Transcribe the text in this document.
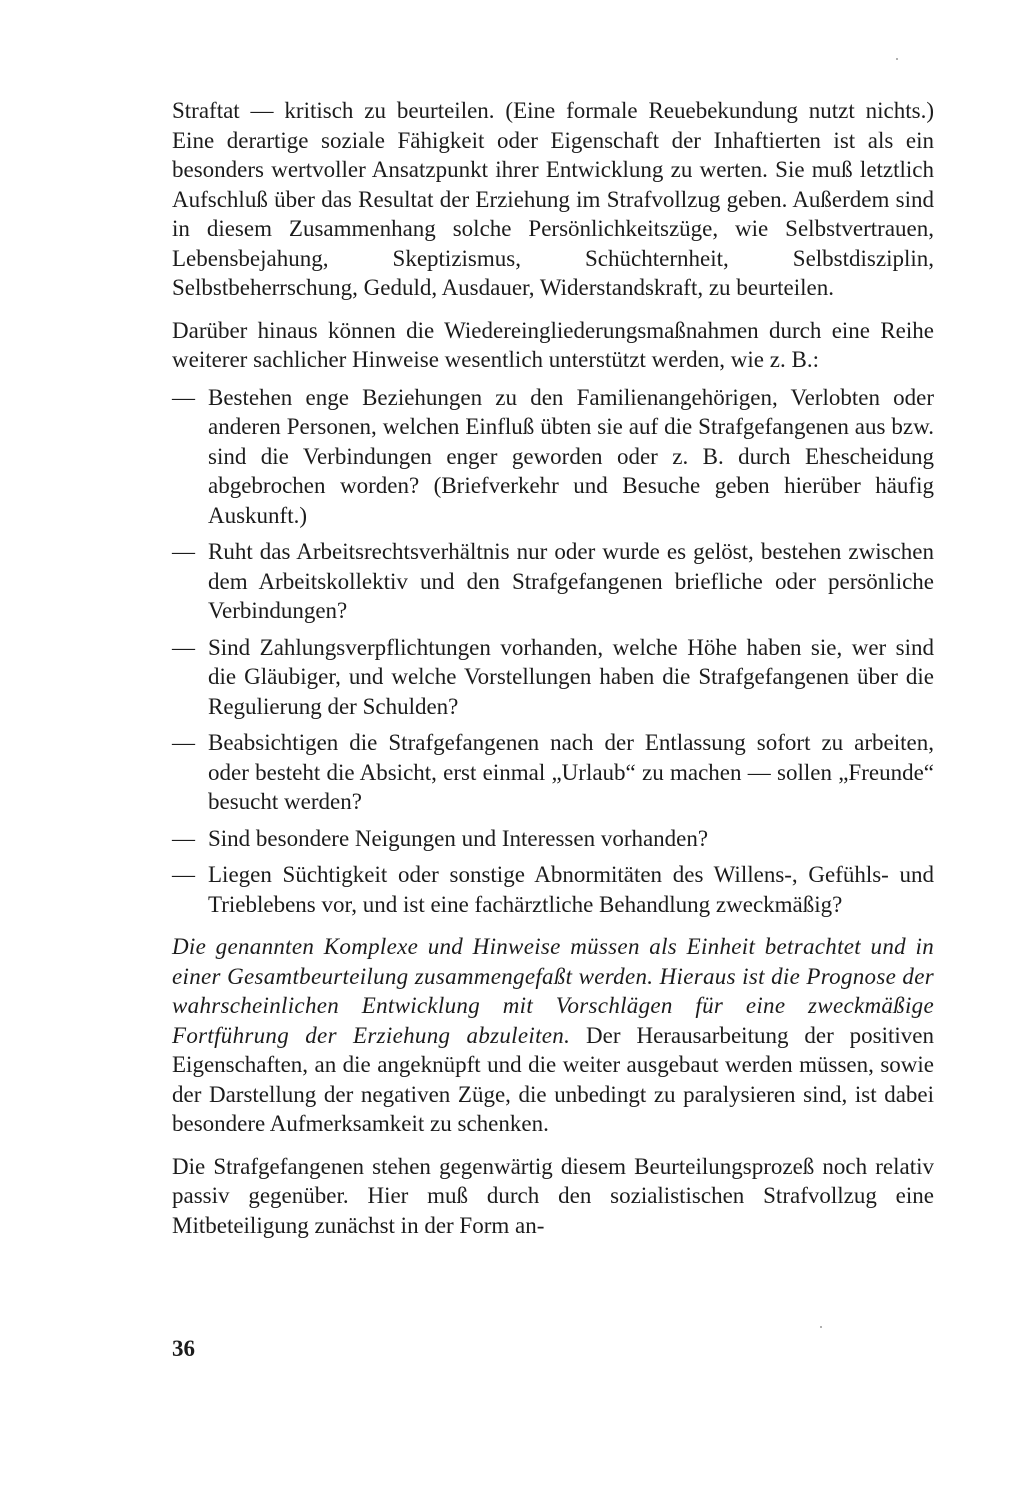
Straftat — kritisch zu beurteilen. (Eine formale Reuebekundung nutzt nichts.) Eine derartige soziale Fähigkeit oder Eigenschaft der Inhaftierten ist als ein besonders wertvoller Ansatzpunkt ihrer Entwicklung zu werten. Sie muß letztlich Aufschluß über das Resultat der Erziehung im Strafvollzug geben. Außerdem sind in diesem Zusammenhang solche Persönlichkeitszüge, wie Selbstvertrauen, Lebensbejahung, Skeptizismus, Schüchternheit, Selbstdisziplin, Selbstbeherrschung, Geduld, Ausdauer, Widerstandskraft, zu beurteilen.

Darüber hinaus können die Wiedereingliederungsmaßnahmen durch eine Reihe weiterer sachlicher Hinweise wesentlich unterstützt werden, wie z. B.:

— Bestehen enge Beziehungen zu den Familienangehörigen, Verlobten oder anderen Personen, welchen Einfluß übten sie auf die Strafgefangenen aus bzw. sind die Verbindungen enger geworden oder z. B. durch Ehescheidung abgebrochen worden? (Briefverkehr und Besuche geben hierüber häufig Auskunft.)
— Ruht das Arbeitsrechtsverhältnis nur oder wurde es gelöst, bestehen zwischen dem Arbeitskollektiv und den Strafgefangenen briefliche oder persönliche Verbindungen?
— Sind Zahlungsverpflichtungen vorhanden, welche Höhe haben sie, wer sind die Gläubiger, und welche Vorstellungen haben die Strafgefangenen über die Regulierung der Schulden?
— Beabsichtigen die Strafgefangenen nach der Entlassung sofort zu arbeiten, oder besteht die Absicht, erst einmal „Urlaub“ zu machen — sollen „Freunde“ besucht werden?
— Sind besondere Neigungen und Interessen vorhanden?
— Liegen Süchtigkeit oder sonstige Abnormitäten des Willens-, Gefühls- und Trieblebens vor, und ist eine fachärztliche Behandlung zweckmäßig?

Die genannten Komplexe und Hinweise müssen als Einheit betrachtet und in einer Gesamtbeurteilung zusammengefaßt werden. Hieraus ist die Prognose der wahrscheinlichen Entwicklung mit Vorschlägen für eine zweckmäßige Fortführung der Erziehung abzuleiten. Der Herausarbeitung der positiven Eigenschaften, an die angeknüpft und die weiter ausgebaut werden müssen, sowie der Darstellung der negativen Züge, die unbedingt zu paralysieren sind, ist dabei besondere Aufmerksamkeit zu schenken.

Die Strafgefangenen stehen gegenwärtig diesem Beurteilungsprozeß noch relativ passiv gegenüber. Hier muß durch den sozialistischen Strafvollzug eine Mitbeteiligung zunächst in der Form an-

36
